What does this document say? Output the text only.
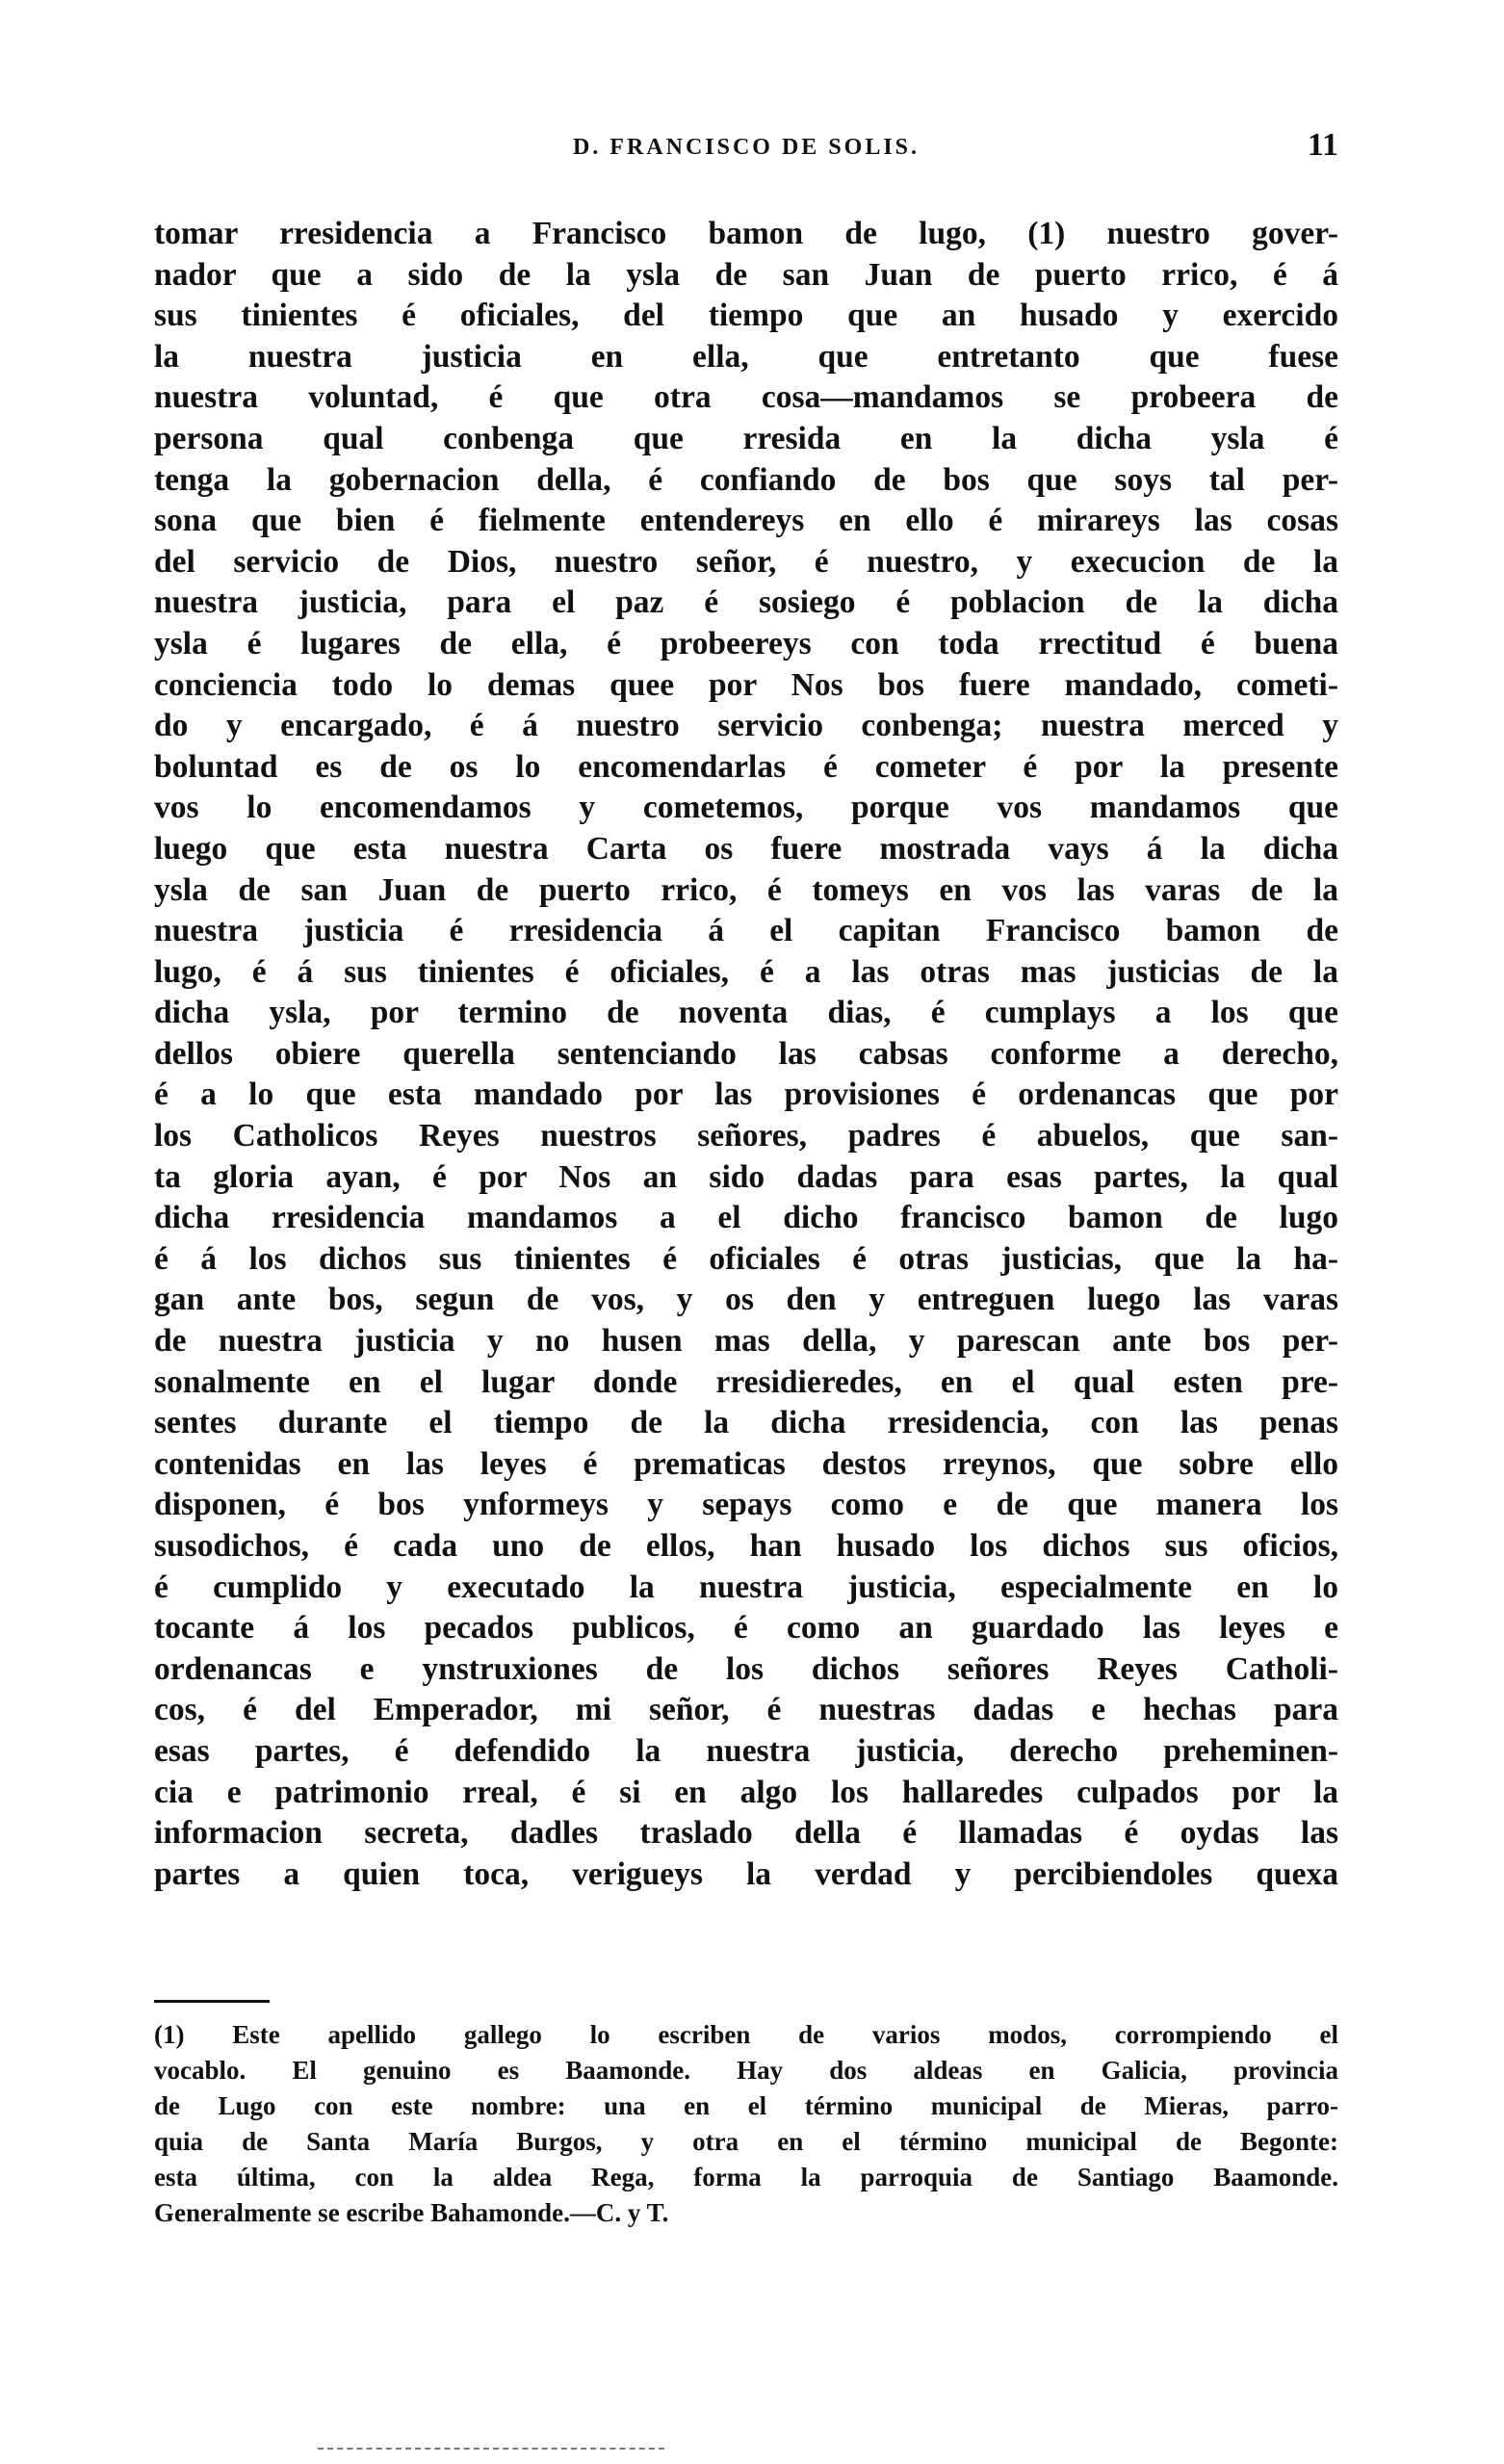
D. FRANCISCO DE SOLIS.	11
tomar rresidencia a Francisco bamon de lugo, (1) nuestro gover-
nador que a sido de la ysla de san Juan de puerto rrico, é á
sus tinientes é oficiales, del tiempo que an husado y exercido
la nuestra justicia en ella, que entretanto que fuese
nuestra voluntad, é que otra cosa—mandamos se probeera de
persona qual conbenga que rresida en la dicha ysla é
tenga la gobernacion della, é confiando de bos que soys tal per-
sona que bien é fielmente entendereys en ello é mirareys las cosas
del servicio de Dios, nuestro señor, é nuestro, y execucion de la
nuestra justicia, para el paz é sosiego é poblacion de la dicha
ysla é lugares de ella, é probeereys con toda rrectitud é buena
conciencia todo lo demas quee por Nos bos fuere mandado, cometi-
do y encargado, é á nuestro servicio conbenga; nuestra merced y
boluntad es de os lo encomendarlas é cometer é por la presente
vos lo encomendamos y cometemos, porque vos mandamos que
luego que esta nuestra Carta os fuere mostrada vays á la dicha
ysla de san Juan de puerto rrico, é tomeys en vos las varas de la
nuestra justicia é rresidencia á el capitan Francisco bamon de
lugo, é á sus tinientes é oficiales, é a las otras mas justicias de la
dicha ysla, por termino de noventa dias, é cumplays a los que
dellos obiere querella sentenciando las cabsas conforme a derecho,
é a lo que esta mandado por las provisiones é ordenancas que por
los Catholicos Reyes nuestros señores, padres é abuelos, que san-
ta gloria ayan, é por Nos an sido dadas para esas partes, la qual
dicha rresidencia mandamos a el dicho francisco bamon de lugo
é á los dichos sus tinientes é oficiales é otras justicias, que la ha-
gan ante bos, segun de vos, y os den y entreguen luego las varas
de nuestra justicia y no husen mas della, y parescan ante bos per-
sonalmente en el lugar donde rresidieredes, en el qual esten pre-
sentes durante el tiempo de la dicha rresidencia, con las penas
contenidas en las leyes é prematicas destos rreynos, que sobre ello
disponen, é bos ynformeys y sepays como e de que manera los
susodichos, é cada uno de ellos, han husado los dichos sus oficios,
é cumplido y executado la nuestra justicia, especialmente en lo
tocante á los pecados publicos, é como an guardado las leyes e
ordenancas e ynstruxiones de los dichos señores Reyes Catholi-
cos, é del Emperador, mi señor, é nuestras dadas e hechas para
esas partes, é defendido la nuestra justicia, derecho preheminen-
cia e patrimonio rreal, é si en algo los hallaredes culpados por la
informacion secreta, dadles traslado della é llamadas é oydas las
partes a quien toca, verigueys la verdad y percibiendoles quexa
(1) Este apellido gallego lo escriben de varios modos, corrompiendo el
vocablo. El genuino es Baamonde. Hay dos aldeas en Galicia, provincia
de Lugo con este nombre: una en el término municipal de Mieras, parro-
quia de Santa María Burgos, y otra en el término municipal de Begonte:
esta última, con la aldea Rega, forma la parroquia de Santiago Baamonde.
Generalmente se escribe Bahamonde.—C. y T.
